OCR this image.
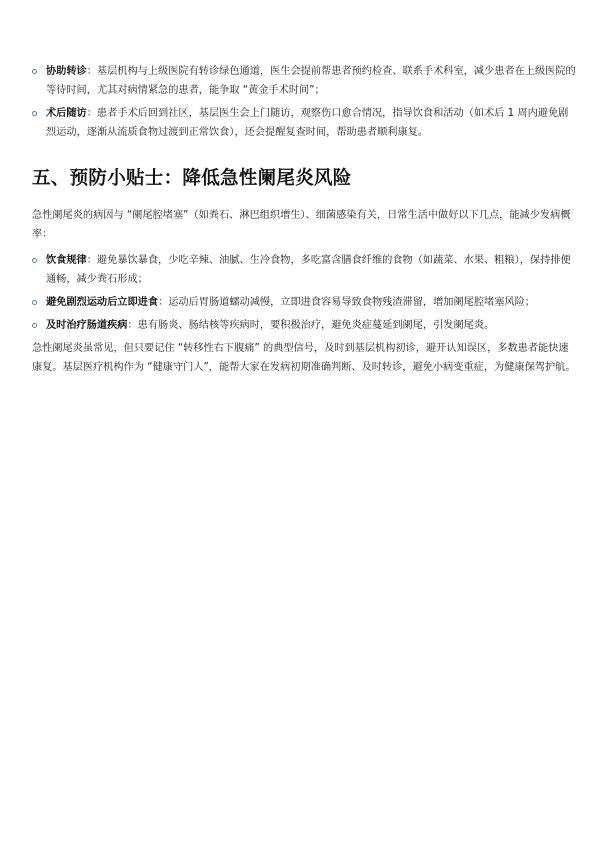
协助转诊：基层机构与上级医院有转诊绿色通道，医生会提前帮患者预约检查、联系手术科室，减少患者在上级医院的等待时间，尤其对病情紧急的患者，能争取 “黄金手术时间”；
术后随访：患者手术后回到社区，基层医生会上门随访，观察伤口愈合情况，指导饮食和活动（如术后 1 周内避免剧烈运动，逐渐从流质食物过渡到正常饮食），还会提醒复查时间，帮助患者顺利康复。
五、预防小贴士：降低急性阑尾炎风险

急性阑尾炎的病因与 “阑尾腔堵塞”（如粪石、淋巴组织增生）、细菌感染有关，日常生活中做好以下几点，能减少发病概率：

饮食规律：避免暴饮暴食，少吃辛辣、油腻、生冷食物，多吃富含膳食纤维的食物（如蔬菜、水果、粗粮），保持排便通畅，减少粪石形成；
避免剧烈运动后立即进食：运动后胃肠道蠕动减慢，立即进食容易导致食物残渣滞留，增加阑尾腔堵塞风险；
及时治疗肠道疾病：患有肠炎、肠结核等疾病时，要积极治疗，避免炎症蔓延到阑尾，引发阑尾炎。

急性阑尾炎虽常见，但只要记住 “转移性右下腹痛” 的典型信号，及时到基层机构初诊，避开认知误区，多数患者能快速康复。基层医疗机构作为 “健康守门人”，能帮大家在发病初期准确判断、及时转诊，避免小病变重症，为健康保驾护航。
